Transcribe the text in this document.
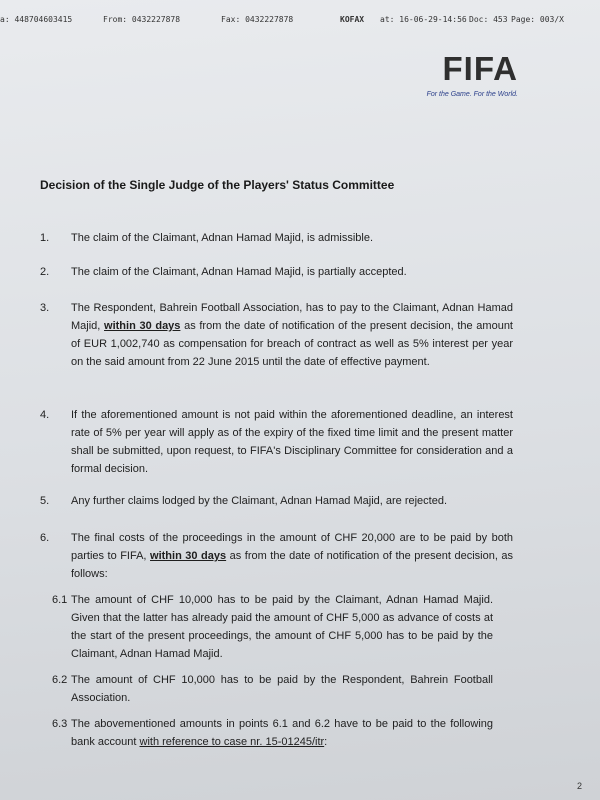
a: 448704603415	From: 0432227878	Fax: 0432227878	KOFAX at: 16-06-29-14:56 Doc: 453 Page: 003/X
FIFA
For the Game. For the World.
Decision of the Single Judge of the Players' Status Committee
1. The claim of the Claimant, Adnan Hamad Majid, is admissible.
2. The claim of the Claimant, Adnan Hamad Majid, is partially accepted.
3. The Respondent, Bahrein Football Association, has to pay to the Claimant, Adnan Hamad Majid, within 30 days as from the date of notification of the present decision, the amount of EUR 1,002,740 as compensation for breach of contract as well as 5% interest per year on the said amount from 22 June 2015 until the date of effective payment.
4. If the aforementioned amount is not paid within the aforementioned deadline, an interest rate of 5% per year will apply as of the expiry of the fixed time limit and the present matter shall be submitted, upon request, to FIFA's Disciplinary Committee for consideration and a formal decision.
5. Any further claims lodged by the Claimant, Adnan Hamad Majid, are rejected.
6. The final costs of the proceedings in the amount of CHF 20,000 are to be paid by both parties to FIFA, within 30 days as from the date of notification of the present decision, as follows:
6.1 The amount of CHF 10,000 has to be paid by the Claimant, Adnan Hamad Majid. Given that the latter has already paid the amount of CHF 5,000 as advance of costs at the start of the present proceedings, the amount of CHF 5,000 has to be paid by the Claimant, Adnan Hamad Majid.
6.2 The amount of CHF 10,000 has to be paid by the Respondent, Bahrein Football Association.
6.3 The abovementioned amounts in points 6.1 and 6.2 have to be paid to the following bank account with reference to case nr. 15-01245/itr:
2
